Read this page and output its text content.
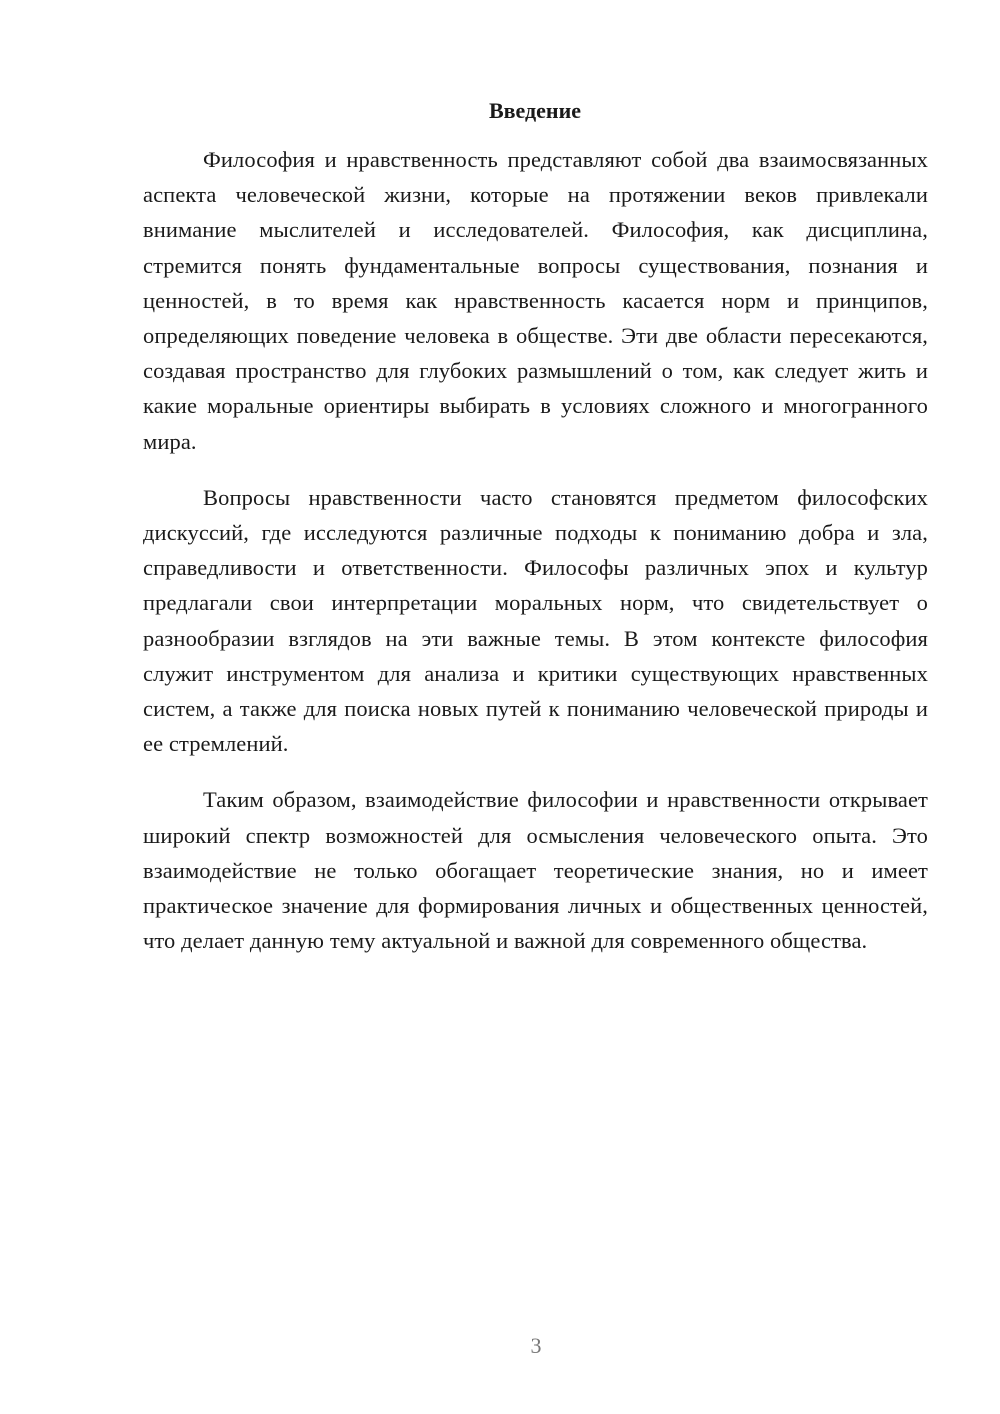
Введение

Философия и нравственность представляют собой два взаимосвязанных аспекта человеческой жизни, которые на протяжении веков привлекали внимание мыслителей и исследователей. Философия, как дисциплина, стремится понять фундаментальные вопросы существования, познания и ценностей, в то время как нравственность касается норм и принципов, определяющих поведение человека в обществе. Эти две области пересекаются, создавая пространство для глубоких размышлений о том, как следует жить и какие моральные ориентиры выбирать в условиях сложного и многогранного мира.

Вопросы нравственности часто становятся предметом философских дискуссий, где исследуются различные подходы к пониманию добра и зла, справедливости и ответственности. Философы различных эпох и культур предлагали свои интерпретации моральных норм, что свидетельствует о разнообразии взглядов на эти важные темы. В этом контексте философия служит инструментом для анализа и критики существующих нравственных систем, а также для поиска новых путей к пониманию человеческой природы и ее стремлений.

Таким образом, взаимодействие философии и нравственности открывает широкий спектр возможностей для осмысления человеческого опыта. Это взаимодействие не только обогащает теоретические знания, но и имеет практическое значение для формирования личных и общественных ценностей, что делает данную тему актуальной и важной для современного общества.

3
